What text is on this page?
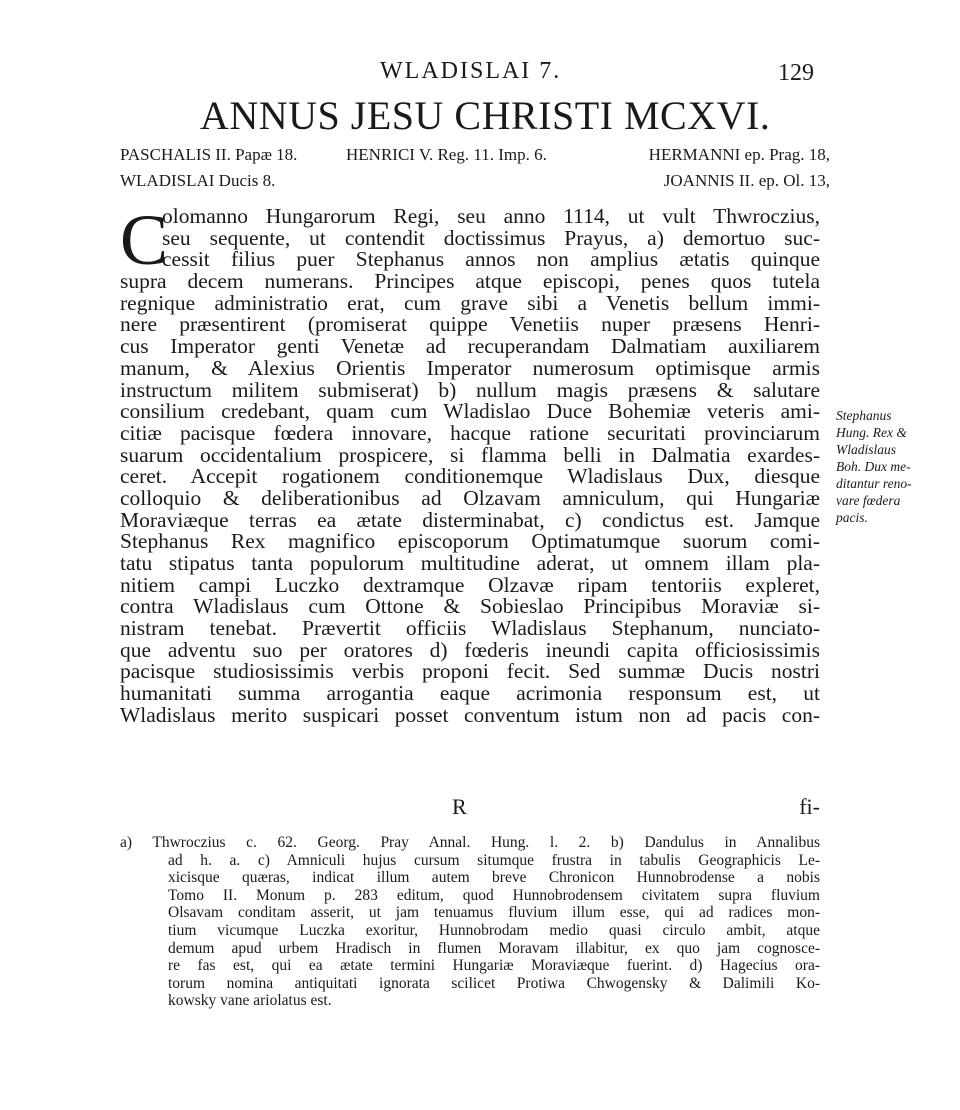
WLADISLAI 7.	129
ANNUS JESU CHRISTI MCXVI.
PASCHALIS II. Papæ 18.	HENRICI V. Reg. 11. Imp. 6.	HERMANNI ep. Prag. 18,
WLADISLAI Ducis 8.	JOANNIS II. ep. Ol. 13,
C
olomanno Hungarorum Regi, seu anno 1114, ut vult Thwroczius,
seu sequente, ut contendit doctissimus Prayus, a) demortuo suc-
cessit filius puer Stephanus annos non amplius ætatis quinque
supra decem numerans. Principes atque episcopi, penes quos tutela
regnique administratio erat, cum grave sibi a Venetis bellum immi-
nere præsentirent (promiserat quippe Venetiis nuper præsens Henri-
cus Imperator genti Venetæ ad recuperandam Dalmatiam auxiliarem
manum, & Alexius Orientis Imperator numerosum optimisque armis
instructum militem submiserat) b) nullum magis præsens & salutare
consilium credebant, quam cum Wladislao Duce Bohemiæ veteris ami-
citiæ pacisque fœdera innovare, hacque ratione securitati provinciarum
suarum occidentalium prospicere, si flamma belli in Dalmatia exardes-
ceret. Accepit rogationem conditionemque Wladislaus Dux, diesque
colloquio & deliberationibus ad Olzavam amniculum, qui Hungariæ
Moraviæque terras ea ætate disterminabat, c) condictus est. Jamque
Stephanus Rex magnifico episcoporum Optimatumque suorum comi-
tatu stipatus tanta populorum multitudine aderat, ut omnem illam pla-
nitiem campi Luczko dextramque Olzavæ ripam tentoriis expleret,
contra Wladislaus cum Ottone & Sobieslao Principibus Moraviæ si-
nistram tenebat. Prævertit officiis Wladislaus Stephanum, nunciato-
que adventu suo per oratores d) fœderis ineundi capita officiosissimis
pacisque studiosissimis verbis proponi fecit. Sed summæ Ducis nostri
humanitati summa arrogantia eaque acrimonia responsum est, ut
Wladislaus merito suspicari posset conventum istum non ad pacis con-
R	fi-
Stephanus
Hung. Rex &
Wladislaus
Boh. Dux me-
ditantur reno-
vare fœdera
pacis.
a) Thwroczius c. 62. Georg. Pray Annal. Hung. l. 2. b) Dandulus in Annalibus
ad h. a. c) Amniculi hujus cursum situmque frustra in tabulis Geographicis Le-
xicisque quæras, indicat illum autem breve Chronicon Hunnobrodense a nobis
Tomo II. Monum p. 283 editum, quod Hunnobrodensem civitatem supra fluvium
Olsavam conditam asserit, ut jam tenuamus fluvium illum esse, qui ad radices mon-
tium vicumque Luczka exoritur, Hunnobrodam medio quasi circulo ambit, atque
demum apud urbem Hradisch in flumen Moravam illabitur, ex quo jam cognosce-
re fas est, qui ea ætate termini Hungariæ Moraviæque fuerint. d) Hagecius ora-
torum nomina antiquitati ignorata scilicet Protiwa Chwogensky & Dalimili Ko-
kowsky vane ariolatus est.
